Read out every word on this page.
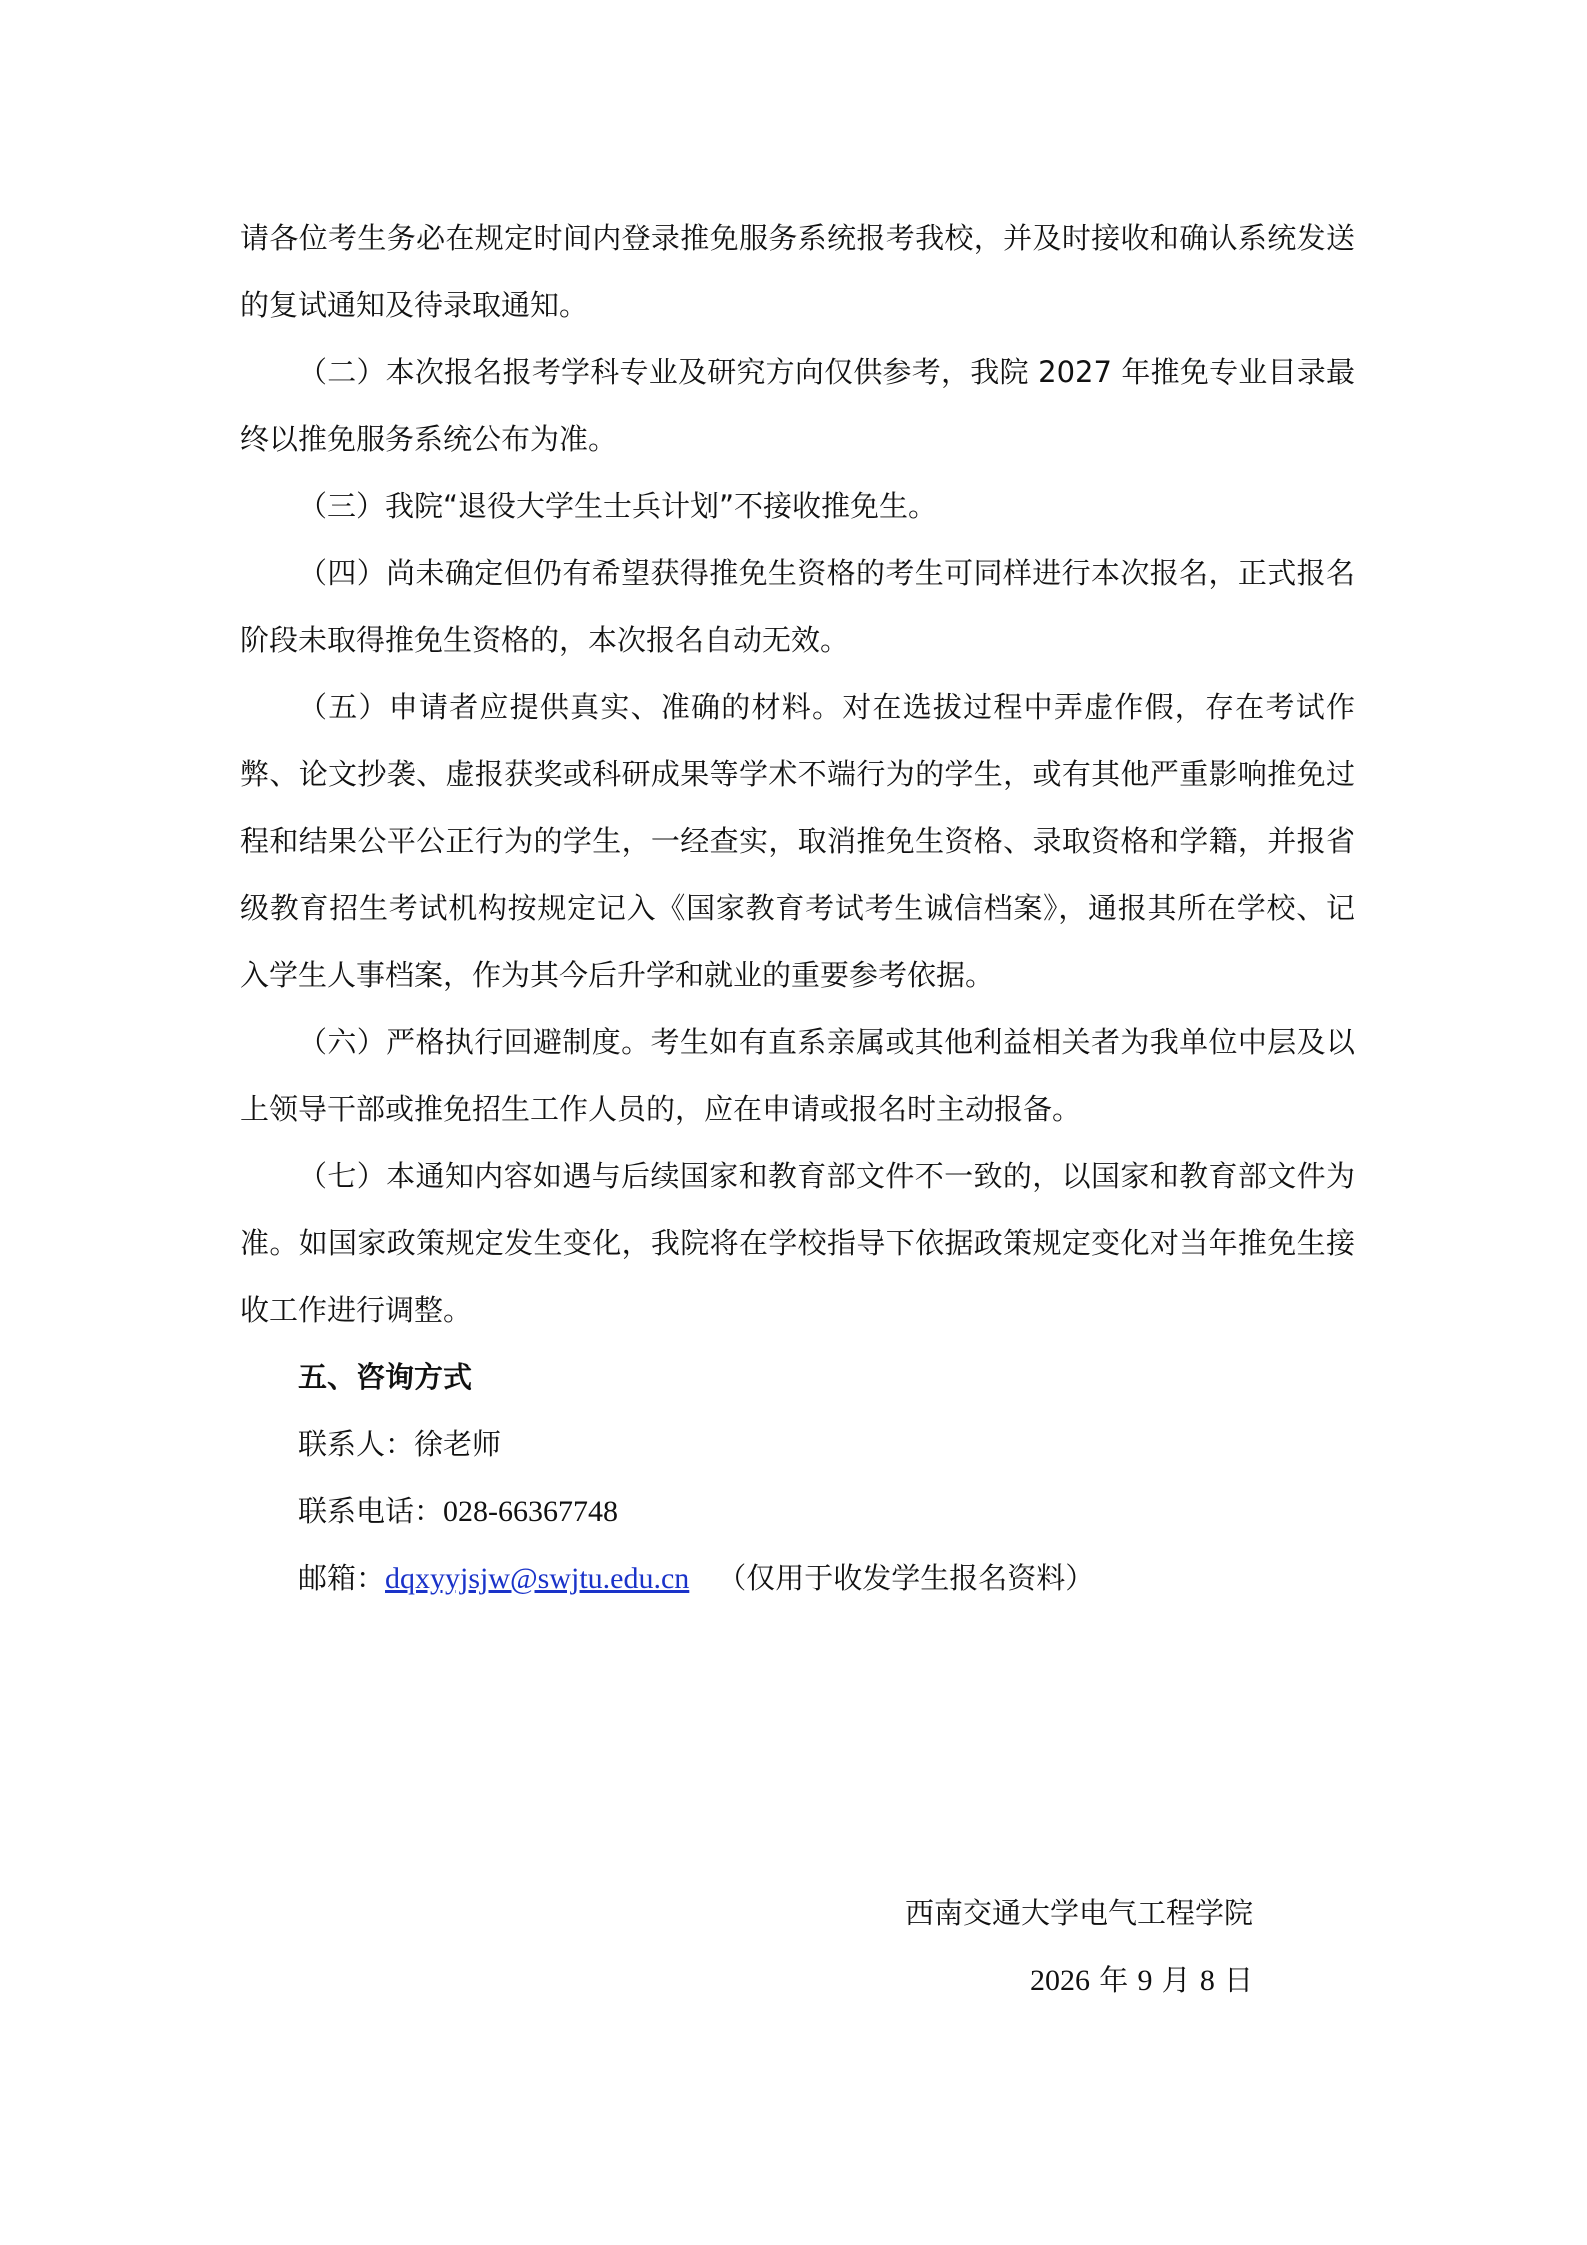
请各位考生务必在规定时间内登录推免服务系统报考我校，并及时接收和确认系统发送的复试通知及待录取通知。

（二）本次报名报考学科专业及研究方向仅供参考，我院 2027 年推免专业目录最终以推免服务系统公布为准。

（三）我院“退役大学生士兵计划”不接收推免生。

（四）尚未确定但仍有希望获得推免生资格的考生可同样进行本次报名，正式报名阶段未取得推免生资格的，本次报名自动无效。

（五）申请者应提供真实、准确的材料。对在选拔过程中弄虚作假，存在考试作弊、论文抄袭、虚报获奖或科研成果等学术不端行为的学生，或有其他严重影响推免过程和结果公平公正行为的学生，一经查实，取消推免生资格、录取资格和学籍，并报省级教育招生考试机构按规定记入《国家教育考试考生诚信档案》，通报其所在学校、记入学生人事档案，作为其今后升学和就业的重要参考依据。

（六）严格执行回避制度。考生如有直系亲属或其他利益相关者为我单位中层及以上领导干部或推免招生工作人员的，应在申请或报名时主动报备。

（七）本通知内容如遇与后续国家和教育部文件不一致的，以国家和教育部文件为准。如国家政策规定发生变化，我院将在学校指导下依据政策规定变化对当年推免生接收工作进行调整。

五、咨询方式

联系人：徐老师

联系电话：028-66367748

邮箱：dqxyyjsjw@swjtu.edu.cn （仅用于收发学生报名资料）

西南交通大学电气工程学院
2026 年 9 月 8 日
